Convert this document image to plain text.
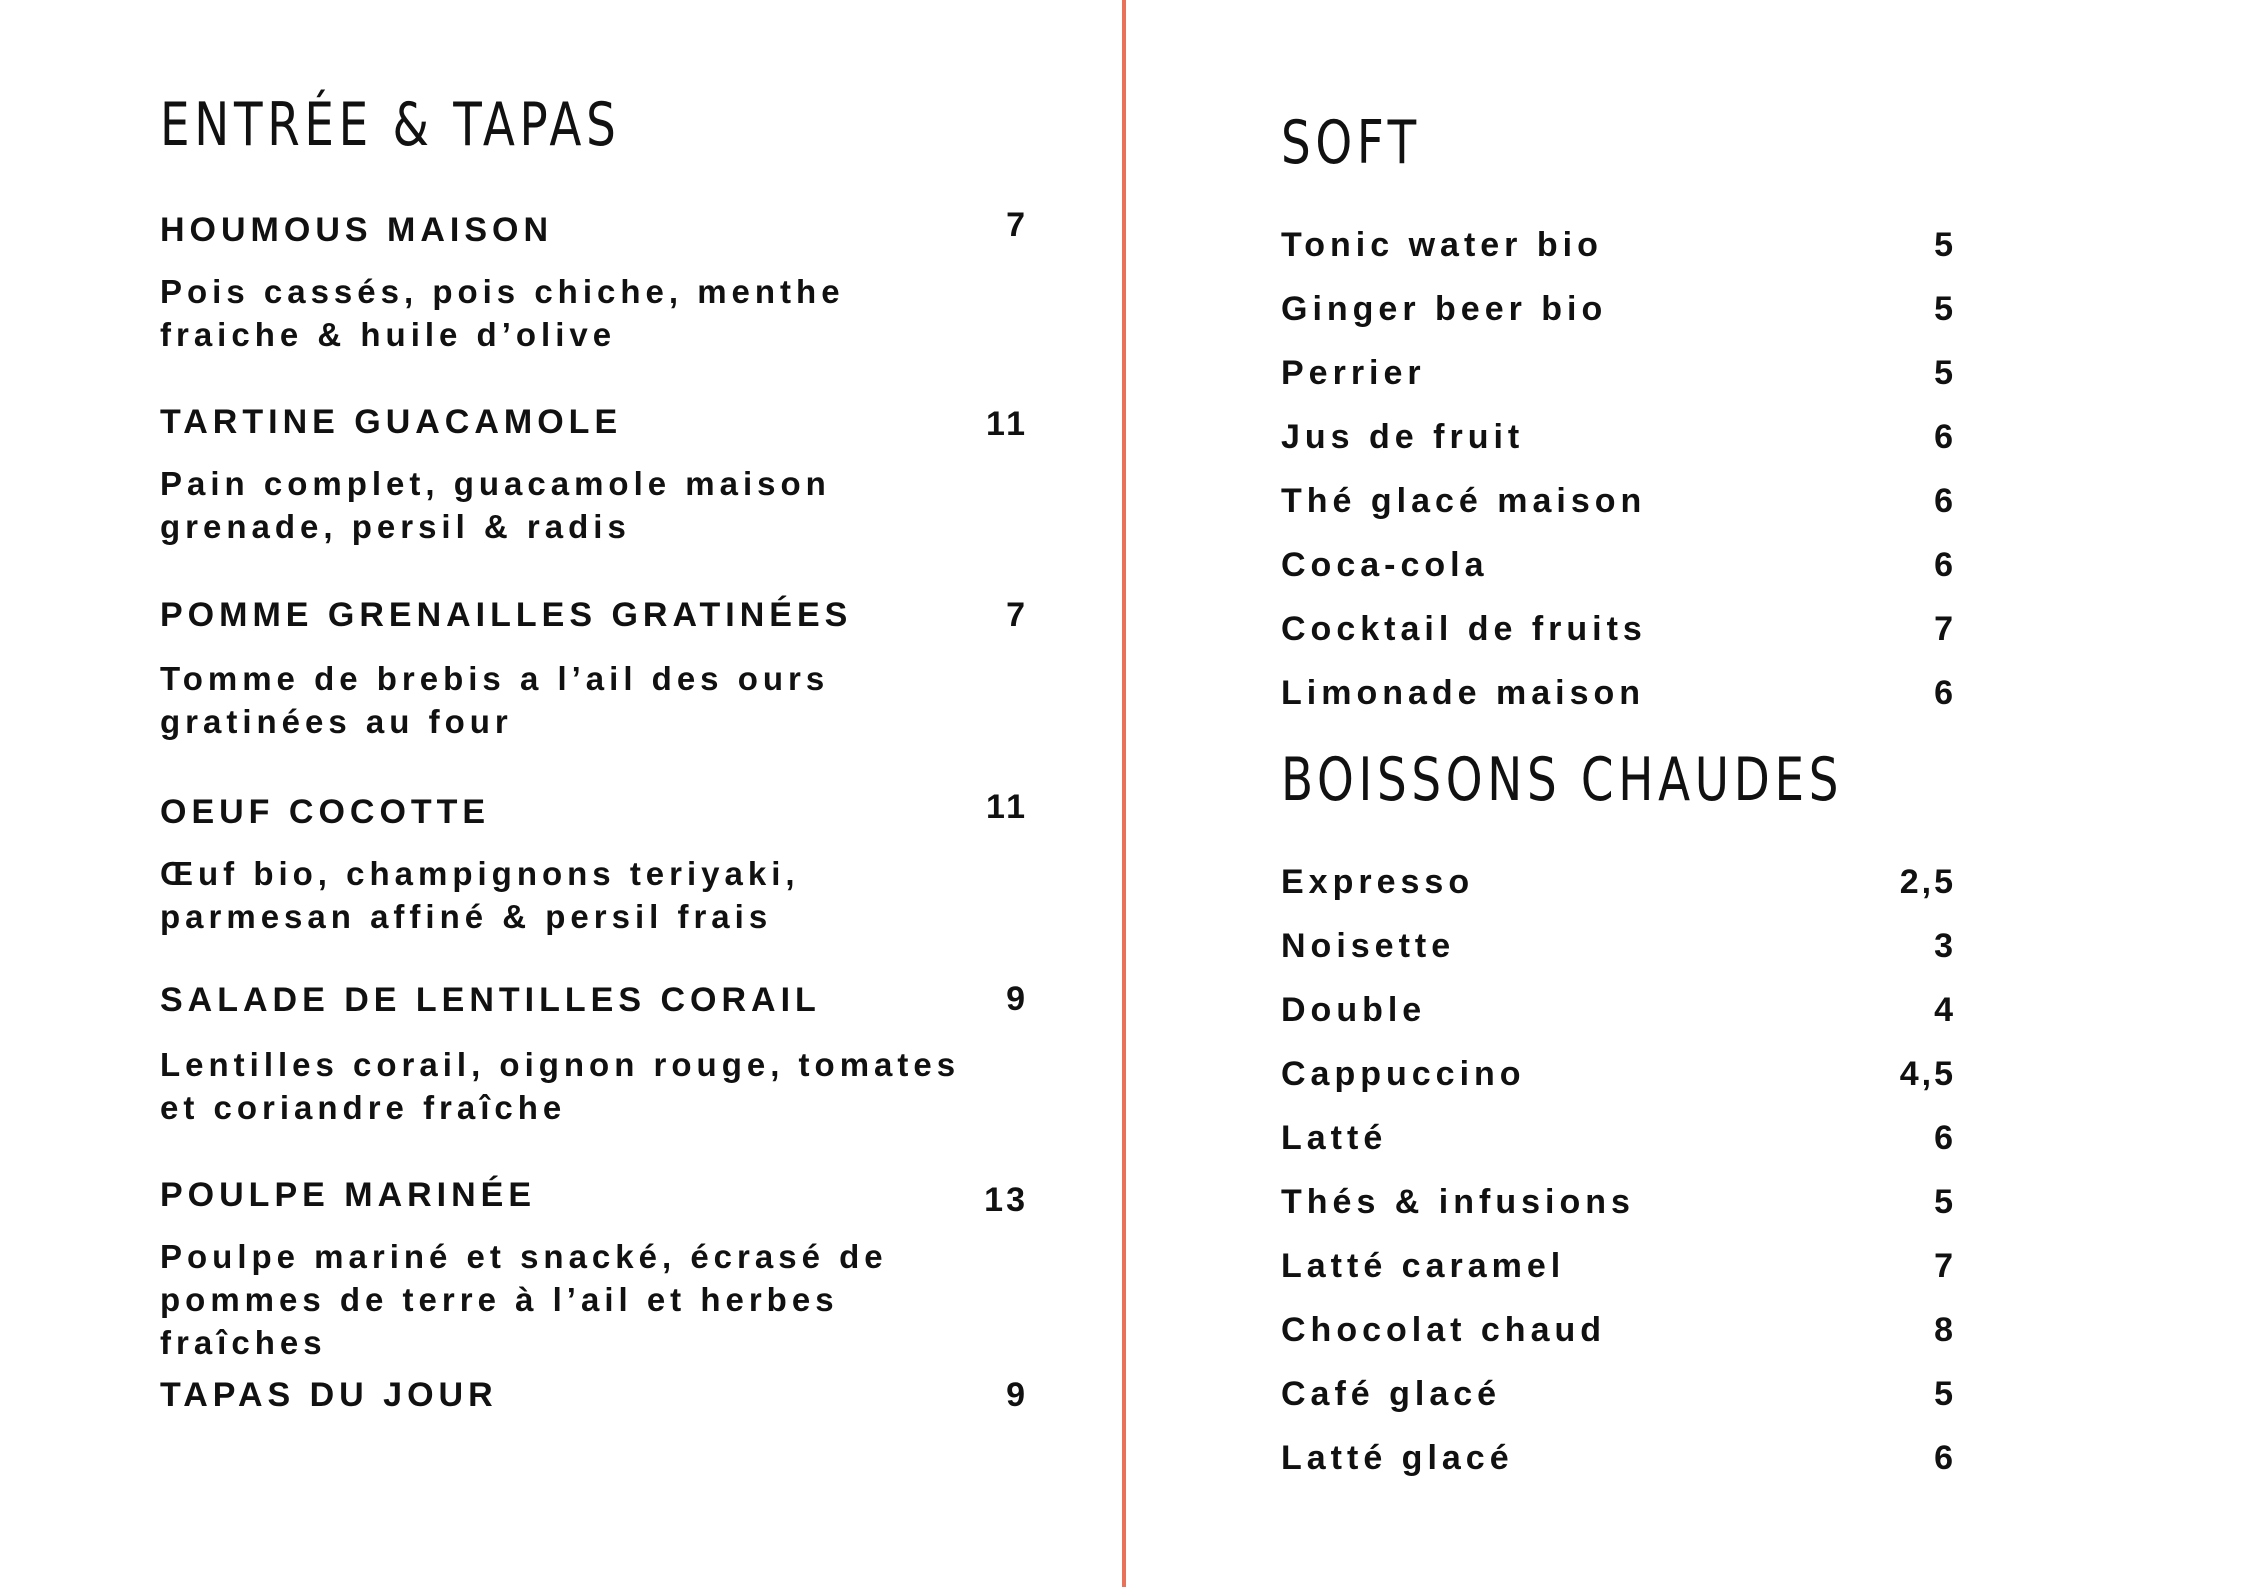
ENTRÉE & TAPAS
HOUMOUS MAISON	7
Pois cassés, pois chiche, menthe
fraiche & huile d’olive
TARTINE GUACAMOLE	11
Pain complet, guacamole maison
grenade, persil & radis
POMME GRENAILLES GRATINÉES	7
Tomme de brebis a l’ail des ours
gratinées au four
OEUF COCOTTE	11
Œuf bio, champignons teriyaki,
parmesan affiné & persil frais
SALADE DE LENTILLES CORAIL	9
Lentilles corail, oignon rouge, tomates
et coriandre fraîche
POULPE MARINÉE	13
Poulpe mariné et snacké, écrasé de
pommes de terre à l’ail et herbes
fraîches
TAPAS DU JOUR	9
SOFT
Tonic water bio	5
Ginger beer bio	5
Perrier	5
Jus de fruit	6
Thé glacé maison	6
Coca-cola	6
Cocktail de fruits	7
Limonade maison	6
BOISSONS CHAUDES
Expresso	2,5
Noisette	3
Double	4
Cappuccino	4,5
Latté	6
Thés & infusions	5
Latté caramel	7
Chocolat chaud	8
Café glacé	5
Latté glacé	6
